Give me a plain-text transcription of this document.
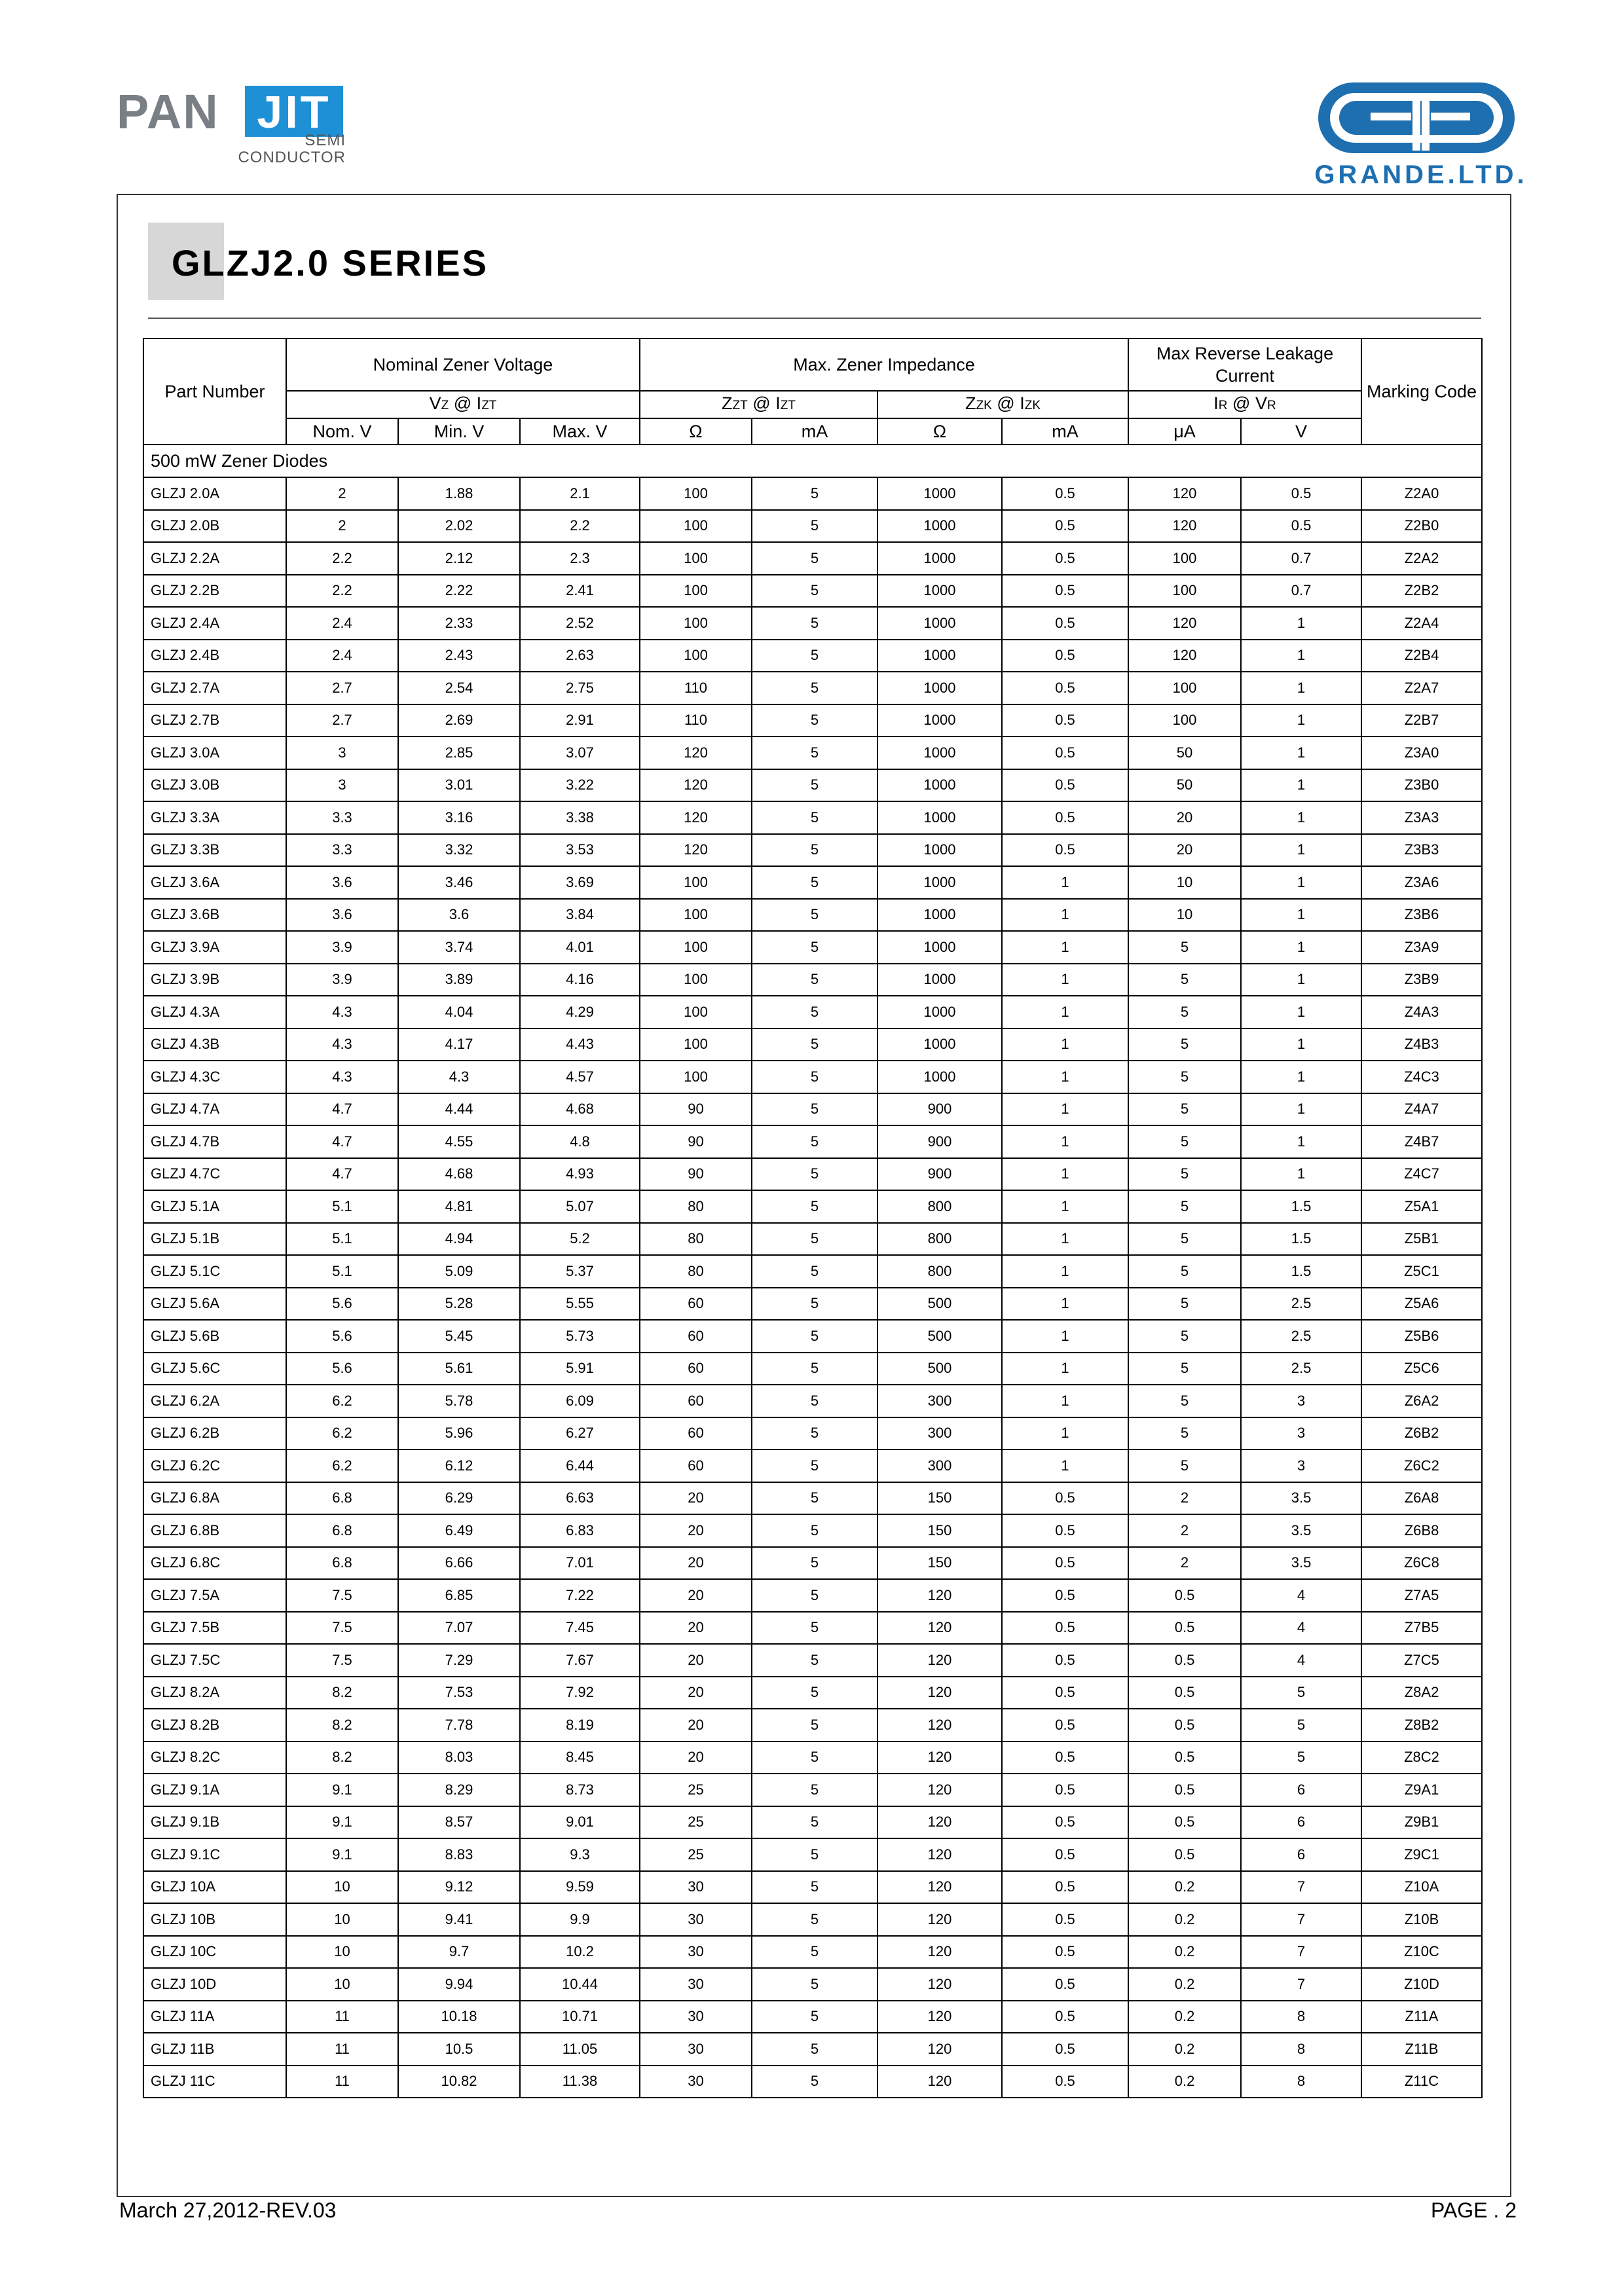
PAN JIT
SEMI
CONDUCTOR
GRANDE.LTD.
GLZJ2.0 SERIES
Part Number	Nominal Zener Voltage			Max. Zener Impedance				Max Reverse Leakage Current		Marking Code
	VZ @ IZT			ZZT @ IZT		ZZK @ IZK		IR @ VR		
	Nom. V	Min. V	Max. V	Ω	mA	Ω	mA	μA	V	
500 mW Zener Diodes										
GLZJ 2.0A	2	1.88	2.1	100	5	1000	0.5	120	0.5	Z2A0
GLZJ 2.0B	2	2.02	2.2	100	5	1000	0.5	120	0.5	Z2B0
GLZJ 2.2A	2.2	2.12	2.3	100	5	1000	0.5	100	0.7	Z2A2
GLZJ 2.2B	2.2	2.22	2.41	100	5	1000	0.5	100	0.7	Z2B2
GLZJ 2.4A	2.4	2.33	2.52	100	5	1000	0.5	120	1	Z2A4
GLZJ 2.4B	2.4	2.43	2.63	100	5	1000	0.5	120	1	Z2B4
GLZJ 2.7A	2.7	2.54	2.75	110	5	1000	0.5	100	1	Z2A7
GLZJ 2.7B	2.7	2.69	2.91	110	5	1000	0.5	100	1	Z2B7
GLZJ 3.0A	3	2.85	3.07	120	5	1000	0.5	50	1	Z3A0
GLZJ 3.0B	3	3.01	3.22	120	5	1000	0.5	50	1	Z3B0
GLZJ 3.3A	3.3	3.16	3.38	120	5	1000	0.5	20	1	Z3A3
GLZJ 3.3B	3.3	3.32	3.53	120	5	1000	0.5	20	1	Z3B3
GLZJ 3.6A	3.6	3.46	3.69	100	5	1000	1	10	1	Z3A6
GLZJ 3.6B	3.6	3.6	3.84	100	5	1000	1	10	1	Z3B6
GLZJ 3.9A	3.9	3.74	4.01	100	5	1000	1	5	1	Z3A9
GLZJ 3.9B	3.9	3.89	4.16	100	5	1000	1	5	1	Z3B9
GLZJ 4.3A	4.3	4.04	4.29	100	5	1000	1	5	1	Z4A3
GLZJ 4.3B	4.3	4.17	4.43	100	5	1000	1	5	1	Z4B3
GLZJ 4.3C	4.3	4.3	4.57	100	5	1000	1	5	1	Z4C3
GLZJ 4.7A	4.7	4.44	4.68	90	5	900	1	5	1	Z4A7
GLZJ 4.7B	4.7	4.55	4.8	90	5	900	1	5	1	Z4B7
GLZJ 4.7C	4.7	4.68	4.93	90	5	900	1	5	1	Z4C7
GLZJ 5.1A	5.1	4.81	5.07	80	5	800	1	5	1.5	Z5A1
GLZJ 5.1B	5.1	4.94	5.2	80	5	800	1	5	1.5	Z5B1
GLZJ 5.1C	5.1	5.09	5.37	80	5	800	1	5	1.5	Z5C1
GLZJ 5.6A	5.6	5.28	5.55	60	5	500	1	5	2.5	Z5A6
GLZJ 5.6B	5.6	5.45	5.73	60	5	500	1	5	2.5	Z5B6
GLZJ 5.6C	5.6	5.61	5.91	60	5	500	1	5	2.5	Z5C6
GLZJ 6.2A	6.2	5.78	6.09	60	5	300	1	5	3	Z6A2
GLZJ 6.2B	6.2	5.96	6.27	60	5	300	1	5	3	Z6B2
GLZJ 6.2C	6.2	6.12	6.44	60	5	300	1	5	3	Z6C2
GLZJ 6.8A	6.8	6.29	6.63	20	5	150	0.5	2	3.5	Z6A8
GLZJ 6.8B	6.8	6.49	6.83	20	5	150	0.5	2	3.5	Z6B8
GLZJ 6.8C	6.8	6.66	7.01	20	5	150	0.5	2	3.5	Z6C8
GLZJ 7.5A	7.5	6.85	7.22	20	5	120	0.5	0.5	4	Z7A5
GLZJ 7.5B	7.5	7.07	7.45	20	5	120	0.5	0.5	4	Z7B5
GLZJ 7.5C	7.5	7.29	7.67	20	5	120	0.5	0.5	4	Z7C5
GLZJ 8.2A	8.2	7.53	7.92	20	5	120	0.5	0.5	5	Z8A2
GLZJ 8.2B	8.2	7.78	8.19	20	5	120	0.5	0.5	5	Z8B2
GLZJ 8.2C	8.2	8.03	8.45	20	5	120	0.5	0.5	5	Z8C2
GLZJ 9.1A	9.1	8.29	8.73	25	5	120	0.5	0.5	6	Z9A1
GLZJ 9.1B	9.1	8.57	9.01	25	5	120	0.5	0.5	6	Z9B1
GLZJ 9.1C	9.1	8.83	9.3	25	5	120	0.5	0.5	6	Z9C1
GLZJ 10A	10	9.12	9.59	30	5	120	0.5	0.2	7	Z10A
GLZJ 10B	10	9.41	9.9	30	5	120	0.5	0.2	7	Z10B
GLZJ 10C	10	9.7	10.2	30	5	120	0.5	0.2	7	Z10C
GLZJ 10D	10	9.94	10.44	30	5	120	0.5	0.2	7	Z10D
GLZJ 11A	11	10.18	10.71	30	5	120	0.5	0.2	8	Z11A
GLZJ 11B	11	10.5	11.05	30	5	120	0.5	0.2	8	Z11B
GLZJ 11C	11	10.82	11.38	30	5	120	0.5	0.2	8	Z11C
March 27,2012-REV.03	PAGE . 2
